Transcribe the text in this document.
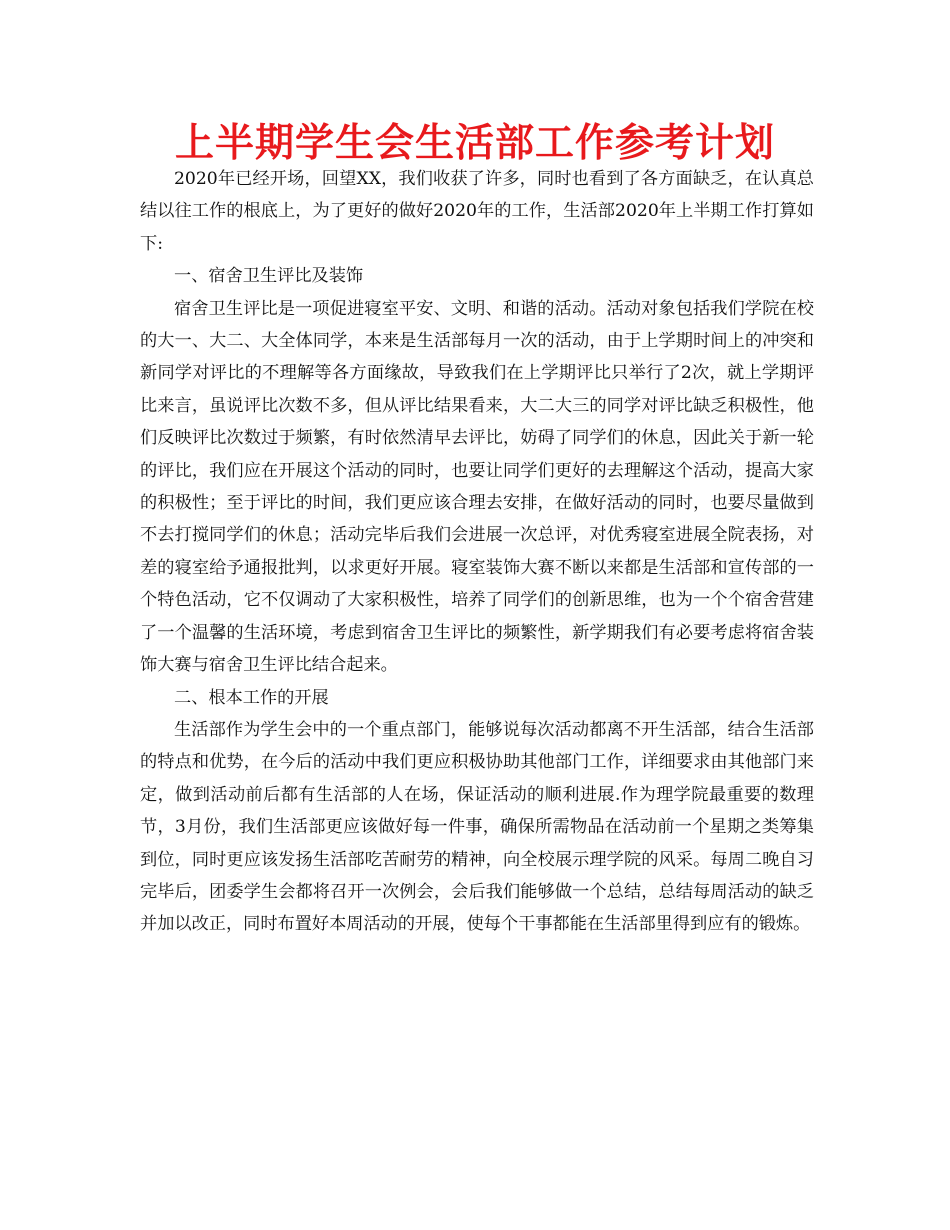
上半期学生会生活部工作参考计划

2020年已经开场，回望XX，我们收获了许多，同时也看到了各方面缺乏，在认真总结以往工作的根底上，为了更好的做好2020年的工作，生活部2020年上半期工作打算如下:

一、宿舍卫生评比及装饰

宿舍卫生评比是一项促进寝室平安、文明、和谐的活动。活动对象包括我们学院在校的大一、大二、大全体同学，本来是生活部每月一次的活动，由于上学期时间上的冲突和新同学对评比的不理解等各方面缘故，导致我们在上学期评比只举行了2次，就上学期评比来言，虽说评比次数不多，但从评比结果看来，大二大三的同学对评比缺乏积极性，他们反映评比次数过于频繁，有时依然清早去评比，妨碍了同学们的休息，因此关于新一轮的评比，我们应在开展这个活动的同时，也要让同学们更好的去理解这个活动，提高大家的积极性；至于评比的时间，我们更应该合理去安排，在做好活动的同时，也要尽量做到不去打搅同学们的休息；活动完毕后我们会进展一次总评，对优秀寝室进展全院表扬，对差的寝室给予通报批判，以求更好开展。寝室装饰大赛不断以来都是生活部和宣传部的一个特色活动，它不仅调动了大家积极性，培养了同学们的创新思维，也为一个个宿舍营建了一个温馨的生活环境，考虑到宿舍卫生评比的频繁性，新学期我们有必要考虑将宿舍装饰大赛与宿舍卫生评比结合起来。

二、根本工作的开展

生活部作为学生会中的一个重点部门，能够说每次活动都离不开生活部，结合生活部的特点和优势，在今后的活动中我们更应积极协助其他部门工作，详细要求由其他部门来定，做到活动前后都有生活部的人在场，保证活动的顺利进展.作为理学院最重要的数理节，3月份，我们生活部更应该做好每一件事，确保所需物品在活动前一个星期之类筹集到位，同时更应该发扬生活部吃苦耐劳的精神，向全校展示理学院的风采。每周二晚自习完毕后，团委学生会都将召开一次例会，会后我们能够做一个总结，总结每周活动的缺乏并加以改正，同时布置好本周活动的开展，使每个干事都能在生活部里得到应有的锻炼。
